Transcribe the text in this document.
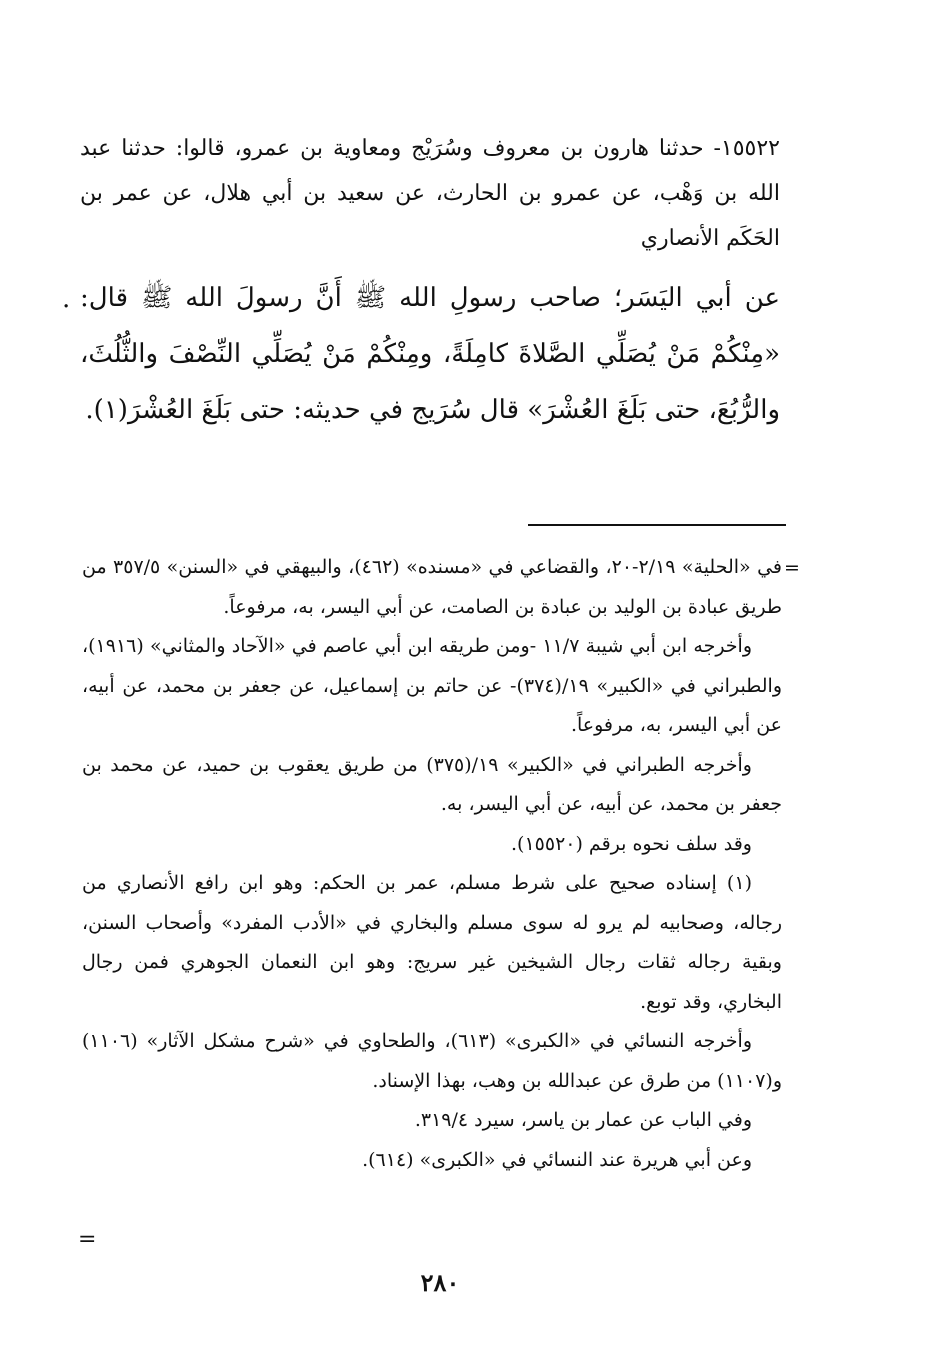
١٥٥٢٢- حدثنا هارون بن معروف وسُرَيْج ومعاوية بن عمرو، قالوا: حدثنا عبد الله بن وَهْب، عن عمرو بن الحارث، عن سعيد بن أبي هلال، عن عمر بن الحَكَم الأنصاري
عن أبي اليَسَر؛ صاحب رسولِ الله ﷺ أَنَّ رسولَ الله ﷺ قال: «مِنْكُمْ مَنْ يُصَلِّي الصَّلاةَ كامِلَةً، ومِنْكُمْ مَنْ يُصَلِّي النِّصْفَ والثُّلُثَ، والرُّبُعَ، حتى بَلَغَ العُشْرَ» قال سُرَيج في حديثه: حتى بَلَغَ العُشْرَ(١).
.
=

في «الحلية» ٢/١٩-٢٠، والقضاعي في «مسنده» (٤٦٢)، والبيهقي في «السنن» ٣٥٧/٥ من طريق عبادة بن الوليد بن عبادة بن الصامت، عن أبي اليسر، به، مرفوعاً.

وأخرجه ابن أبي شيبة ١١/٧ -ومن طريقه ابن أبي عاصم في «الآحاد والمثاني» (١٩١٦)، والطبراني في «الكبير» ١٩/(٣٧٤)- عن حاتم بن إسماعيل، عن جعفر بن محمد، عن أبيه، عن أبي اليسر، به، مرفوعاً.

وأخرجه الطبراني في «الكبير» ١٩/(٣٧٥) من طريق يعقوب بن حميد، عن محمد بن جعفر بن محمد، عن أبيه، عن أبي اليسر، به.

وقد سلف نحوه برقم (١٥٥٢٠).

(١) إسناده صحيح على شرط مسلم، عمر بن الحكم: وهو ابن رافع الأنصاري من رجاله، وصحابيه لم يرو له سوى مسلم والبخاري في «الأدب المفرد» وأصحاب السنن، وبقية رجاله ثقات رجال الشيخين غير سريج: وهو ابن النعمان الجوهري فمن رجال البخاري، وقد توبع.

وأخرجه النسائي في «الكبرى» (٦١٣)، والطحاوي في «شرح مشكل الآثار» (١١٠٦) و(١١٠٧) من طرق عن عبدالله بن وهب، بهذا الإسناد.

وفي الباب عن عمار بن ياسر، سيرد ٣١٩/٤.

وعن أبي هريرة عند النسائي في «الكبرى» (٦١٤).

=
٢٨٠
